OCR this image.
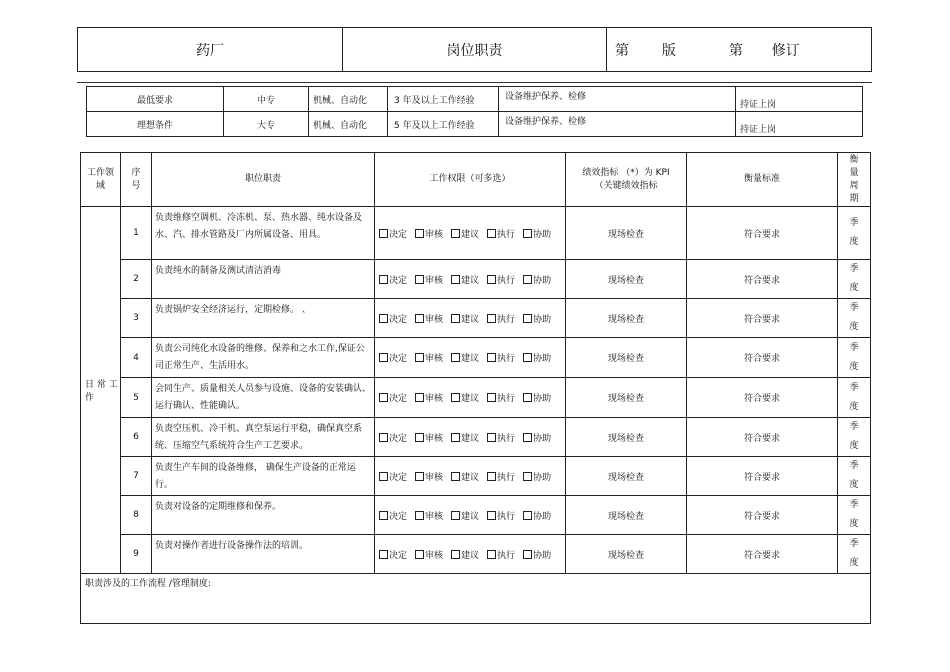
药厂	岗位职责	第 版	第 修订
最低要求	中专	机械、自动化	3 年及以上工作经验	设备维护保养、检修	持证上岗
理想条件	大专	机械、自动化	5 年及以上工作经验	设备维护保养、检修	持证上岗
工作领域	序号	职位职责	工作权限（可多选）	绩效指标 （*）为 KPI（关键绩效指标	衡量标准	衡量周期
日 常 工作	1	负责维修空调机、冷冻机、泵、热水器、纯水设备及水、汽、排水管路及厂内所属设备、用具。	决定 审核 建议 执行 协助	现场检查	符合要求	季
度

	2	负责纯水的制备及测试清洁消毒	决定 审核 建议 执行 协助	现场检查	符合要求	季
度

	3	负责锅炉安全经济运行，定期检修。 、	决定 审核 建议 执行 协助	现场检查	符合要求	季
度

	4	负责公司纯化水设备的维修、保养和之水工作,保证公司正常生产、生活用水。	决定 审核 建议 执行 协助	现场检查	符合要求	季
度

	5	会同生产、质量相关人员参与设施、设备的安装确认、运行确认、性能确认。	决定 审核 建议 执行 协助	现场检查	符合要求	季
度

	6	负责空压机、冷干机、真空泵运行平稳，确保真空系统、压缩空气系统符合生产工艺要求。	决定 审核 建议 执行 协助	现场检查	符合要求	季
度

	7	负责生产车间的设备维修， 确保生产设备的正常运行。	决定 审核 建议 执行 协助	现场检查	符合要求	季
度

	8	负责对设备的定期维修和保养。	决定 审核 建议 执行 协助	现场检查	符合要求	季
度

	9	负责对操作者进行设备操作法的培训。	决定 审核 建议 执行 协助	现场检查	符合要求	季
度

职责涉及的工作流程 /管理制度:						
